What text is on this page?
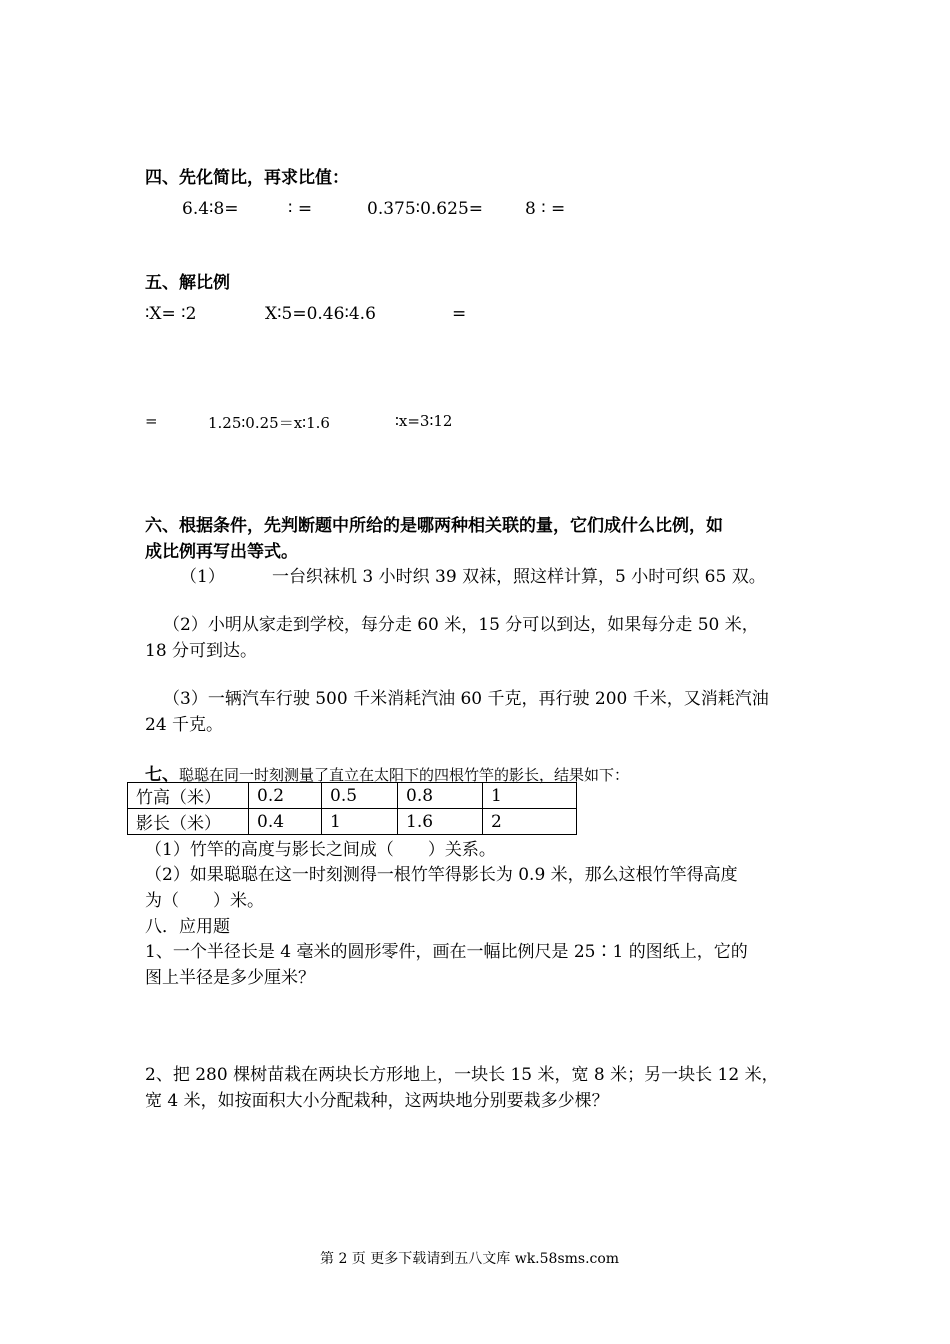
四、先化简比，再求比值：
6.4∶8=	∶ =	0.375∶0.625= 8 ∶ =
五、解比例
∶X= ∶2	X∶5=0.46∶4.6	=
=	1.25∶0.25＝x∶1.6	∶x=3∶12
六、根据条件，先判断题中所给的是哪两种相关联的量，它们成什么比例，如
成比例再写出等式。
（1）	一台织袜机 3 小时织 39 双袜，照这样计算，5 小时可织 65 双。
（2）小明从家走到学校，每分走 60 米，15 分可以到达，如果每分走 50 米，
18 分可到达。
（3）一辆汽车行驶 500 千米消耗汽油 60 千克，再行驶 200 千米，又消耗汽油
24 千克。
七、聪聪在同一时刻测量了直立在太阳下的四根竹竿的影长，结果如下：
竹高（米）	0.2	0.5	0.8	1
影长（米）	0.4	1	1.6	2
（1）竹竿的高度与影长之间成（　　）关系。
（2）如果聪聪在这一时刻测得一根竹竿得影长为 0.9 米，那么这根竹竿得高度
为（　　）米。
八．应用题
1、一个半径长是 4 毫米的圆形零件，画在一幅比例尺是 25∶1 的图纸上，它的
图上半径是多少厘米？
2、把 280 棵树苗栽在两块长方形地上，一块长 15 米，宽 8 米；另一块长 12 米，
宽 4 米，如按面积大小分配栽种，这两块地分别要栽多少棵？
第 2 页 更多下载请到五八文库 wk.58sms.com
